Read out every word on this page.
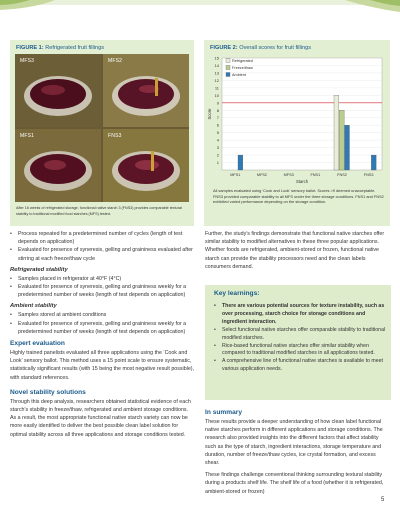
FIGURE 1: Refrigerated fruit fillings
MFS3	MFS2
MFS1	FNS3
After 16 weeks of refrigerated storage, functional native starch 3 (FNS3) provides comparable textural stability to traditional modified food starches (MFS) tested.
FIGURE 2: Overall scores for fruit fillings
1
2
3
4
5
6
7
8
9
10
11
12
13
14
15
MFS1	MFS2	MFS3	FNS1	FNS2	FNS3
Starch
Score
Refrigerated
Freeze/thaw
Ambient
All samples evaluated using ‘Cook and Look’ sensory ballot. Scores >9 deemed unacceptable. FNS3 provided comparable stability to all MFS under the three storage conditions. FNS1 and FNS2 exhibited varied performance depending on the storage condition.
• Process repeated for a predetermined number of cycles (length of test depends on application)
• Evaluated for presence of syneresis, gelling and graininess evaluated after stirring at each freeze/thaw cycle
Refrigerated stability
• Samples placed in refrigerator at 40°F (4°C)
• Evaluated for presence of syneresis, gelling and graininess weekly for a predetermined number of weeks (length of test depends on application)
Ambient stability
• Samples stored at ambient conditions
• Evaluated for presence of syneresis, gelling and graininess weekly for a predetermined number of weeks (length of test depends on application)
Expert evaluation

Highly trained panelists evaluated all three applications using the ‘Cook and Look’ sensory ballot. This method uses a 15 point scale to ensure systematic, statistically significant results (with 15 being the most negative result possible), with standard references.

Novel stability solutions

Through this deep analysis, researchers obtained statistical evidence of each starch’s stability in freeze/thaw, refrigerated and ambient storage conditions. As a result, the most appropriate functional native starch variety can now be more easily identified to deliver the best possible clean label solution for optimal stability across all three applications and storage conditions tested.

Further, the study’s findings demonstrate that functional native starches offer similar stability to modified alternatives in these three popular applications. Whether foods are refrigerated, ambient-stored or frozen, functional native starch can provide the stability processors need and the clean labels consumers demand.

Key learnings:
• There are various potential sources for texture instability, such as over processing, starch choice for storage conditions and ingredient interaction.
• Select functional native starches offer comparable stability to traditional modified starches.
• Rice-based functional native starches offer similar stability when compared to traditional modified starches in all applications tested.
• A comprehensive line of functional native starches is available to meet various application needs.
In summary

These results provide a deeper understanding of how clean label functional native starches perform in different applications and storage conditions. The research also provided insights into the different factors that affect stability such as the type of starch, ingredient interactions, storage temperature and duration, number of freeze/thaw cycles, ice crystal formation, and excess shear.

These findings challenge conventional thinking surrounding textural stability during a products shelf life. The shelf life of a food (whether it is refrigerated, ambient-stored or frozen)

5
